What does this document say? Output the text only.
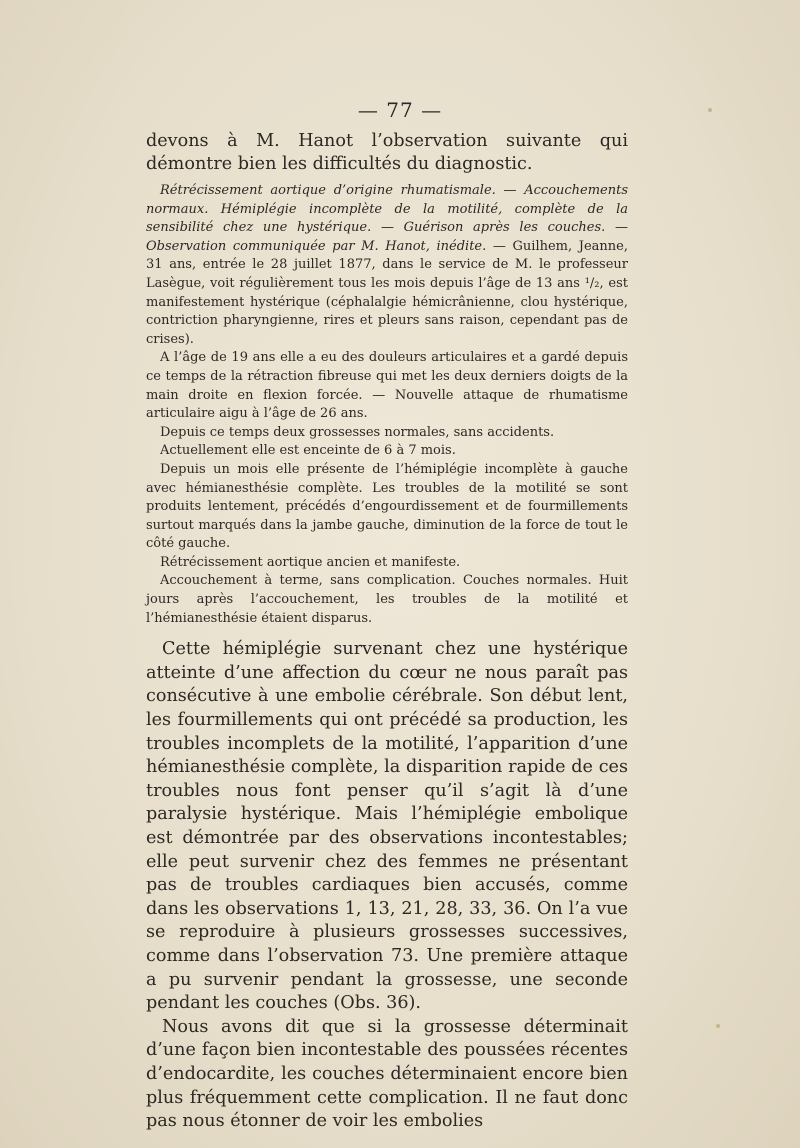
— 77 —

devons à M. Hanot l’observation suivante qui démontre bien les difficultés du diagnostic.

Rétrécissement aortique d’origine rhumatismale. — Accouchements normaux. Hémiplégie incomplète de la motilité, complète de la sensibilité chez une hystérique. — Guérison après les couches. — Observation communiquée par M. Hanot, inédite. — Guilhem, Jeanne, 31 ans, entrée le 28 juillet 1877, dans le service de M. le professeur Lasègue, voit régulièrement tous les mois depuis l’âge de 13 ans ¹/₂, est manifestement hystérique (céphalalgie hémicrânienne, clou hystérique, contriction pharyngienne, rires et pleurs sans raison, cependant pas de crises).

A l’âge de 19 ans elle a eu des douleurs articulaires et a gardé depuis ce temps de la rétraction fibreuse qui met les deux derniers doigts de la main droite en flexion forcée. — Nouvelle attaque de rhumatisme articulaire aigu à l’âge de 26 ans.

Depuis ce temps deux grossesses normales, sans accidents.

Actuellement elle est enceinte de 6 à 7 mois.

Depuis un mois elle présente de l’hémiplégie incomplète à gauche avec hémianesthésie complète. Les troubles de la motilité se sont produits lentement, précédés d’engourdissement et de fourmillements surtout marqués dans la jambe gauche, diminution de la force de tout le côté gauche.

Rétrécissement aortique ancien et manifeste.

Accouchement à terme, sans complication. Couches normales. Huit jours après l’accouchement, les troubles de la motilité et l’hémianesthésie étaient disparus.

Cette hémiplégie survenant chez une hystérique atteinte d’une affection du cœur ne nous paraît pas consécutive à une embolie cérébrale. Son début lent, les fourmillements qui ont précédé sa production, les troubles incomplets de la motilité, l’apparition d’une hémianesthésie complète, la disparition rapide de ces troubles nous font penser qu’il s’agit là d’une paralysie hystérique. Mais l’hémiplégie embolique est démontrée par des observations incontestables; elle peut survenir chez des femmes ne présentant pas de troubles cardiaques bien accusés, comme dans les observations 1, 13, 21, 28, 33, 36. On l’a vue se reproduire à plusieurs grossesses successives, comme dans l’observation 73. Une première attaque a pu survenir pendant la grossesse, une seconde pendant les couches (Obs. 36).

Nous avons dit que si la grossesse déterminait d’une façon bien incontestable des poussées récentes d’endocardite, les couches déterminaient encore bien plus fréquemment cette complication. Il ne faut donc pas nous étonner de voir les embolies
